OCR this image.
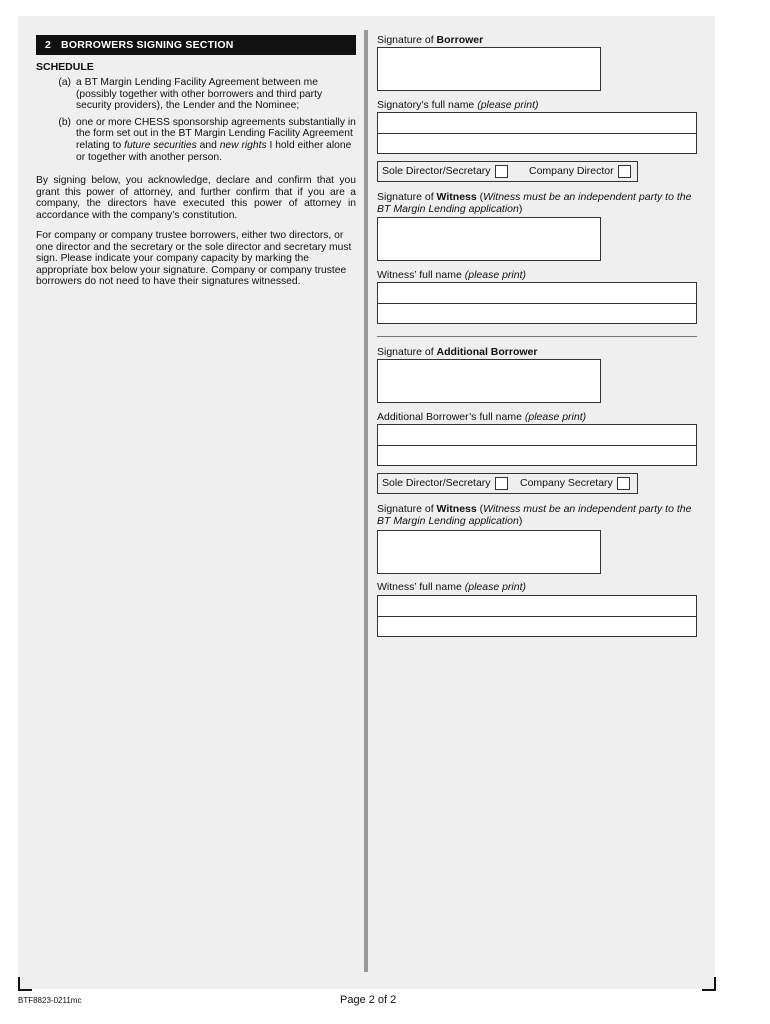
2 BORROWERS SIGNING SECTION
SCHEDULE
(a) a BT Margin Lending Facility Agreement between me (possibly together with other borrowers and third party security providers), the Lender and the Nominee;
(b) one or more CHESS sponsorship agreements substantially in the form set out in the BT Margin Lending Facility Agreement relating to future securities and new rights I hold either alone or together with another person.
By signing below, you acknowledge, declare and confirm that you grant this power of attorney, and further confirm that if you are a company, the directors have executed this power of attorney in accordance with the company’s constitution.
For company or company trustee borrowers, either two directors, or one director and the secretary or the sole director and secretary must sign. Please indicate your company capacity by marking the appropriate box below your signature. Company or company trustee borrowers do not need to have their signatures witnessed.
Signature of Borrower
Signatory’s full name (please print)
Sole Director/Secretary	Company Director
Signature of Witness (Witness must be an independent party to the BT Margin Lending application)
Witness’ full name (please print)
Signature of Additional Borrower
Additional Borrower’s full name (please print)
Sole Director/Secretary	Company Secretary
Signature of Witness (Witness must be an independent party to the BT Margin Lending application)
Witness’ full name (please print)
BTF8823-0211mc	Page 2 of 2
